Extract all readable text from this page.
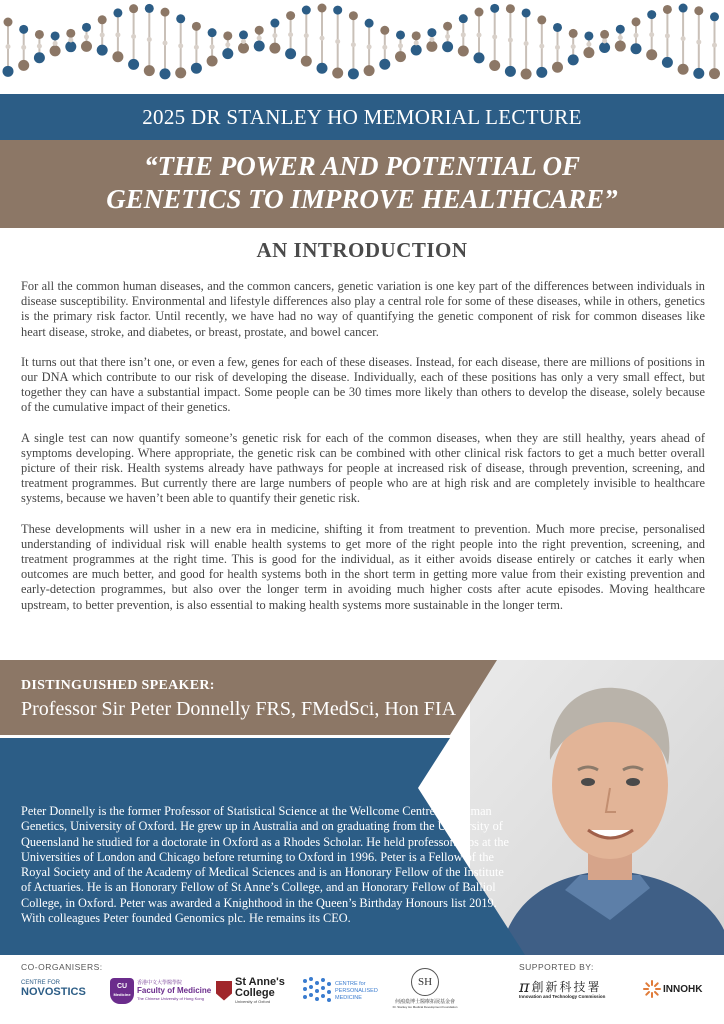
2025 DR STANLEY HO MEMORIAL LECTURE
“THE POWER AND POTENTIAL OF
GENETICS TO IMPROVE HEALTHCARE”
AN INTRODUCTION

For all the common human diseases, and the common cancers, genetic variation is one key part of the differences between individuals in disease susceptibility. Environmental and lifestyle differences also play a central role for some of these diseases, while in others, genetics is the primary risk factor. Until recently, we have had no way of quantifying the genetic component of risk for common diseases like heart disease, stroke, and diabetes, or breast, prostate, and bowel cancer.

It turns out that there isn’t one, or even a few, genes for each of these diseases. Instead, for each disease, there are millions of positions in our DNA which contribute to our risk of developing the disease. Individually, each of these positions has only a very small effect, but together they can have a substantial impact. Some people can be 30 times more likely than others to develop the disease, solely because of the cumulative impact of their genetics.

A single test can now quantify someone’s genetic risk for each of the common diseases, when they are still healthy, years ahead of symptoms developing. Where appropriate, the genetic risk can be combined with other clinical risk factors to get a much better overall picture of their risk. Health systems already have pathways for people at increased risk of disease, through prevention, screening, and treatment programmes. But currently there are large numbers of people who are at high risk and are completely invisible to healthcare systems, because we haven’t been able to quantify their genetic risk.

These developments will usher in a new era in medicine, shifting it from treatment to prevention. Much more precise, personalised understanding of individual risk will enable health systems to get more of the right people into the right prevention, screening, and treatment programmes at the right time. This is good for the individual, as it either avoids disease entirely or catches it early when outcomes are much better, and good for health systems both in the short term in getting more value from their existing prevention and early-detection programmes, but also over the longer term in avoiding much higher costs after acute episodes. Moving healthcare upstream, to better prevention, is also essential to making health systems more sustainable in the longer term.

DISTINGUISHED SPEAKER:
Professor Sir Peter Donnelly FRS, FMedSci, Hon FIA
Peter Donnelly is the former Professor of Statistical Science at the Wellcome Centre for Human Genetics, University of Oxford. He grew up in Australia and on graduating from the University of Queensland he studied for a doctorate in Oxford as a Rhodes Scholar. He held professorships at the Universities of London and Chicago before returning to Oxford in 1996. Peter is a Fellow of the Royal Society and of the Academy of Medical Sciences and is an Honorary Fellow of the Institute of Actuaries. He is an Honorary Fellow of St Anne’s College, and an Honorary Fellow of Balliol College, in Oxford. Peter was awarded a Knighthood in the Queen’s Birthday Honours list 2019. With colleagues Peter founded Genomics plc. He remains its CEO.
CO-ORGANISERS:	SUPPORTED BY:
CENTRE FOR
NOVOSTICS	CU
Medicine
香港中文大學醫學院
Faculty of Medicine
The Chinese University of Hong Kong
St Anne's
College
University of Oxford
CENTRE for
PERSONALISED
MEDICINE
SH
何鴻燊博士醫療拓展基金會
Dr. Stanley Ho Medical Development Foundation
π 創新科技署
Innovation and Technology Commission
INNOHK
